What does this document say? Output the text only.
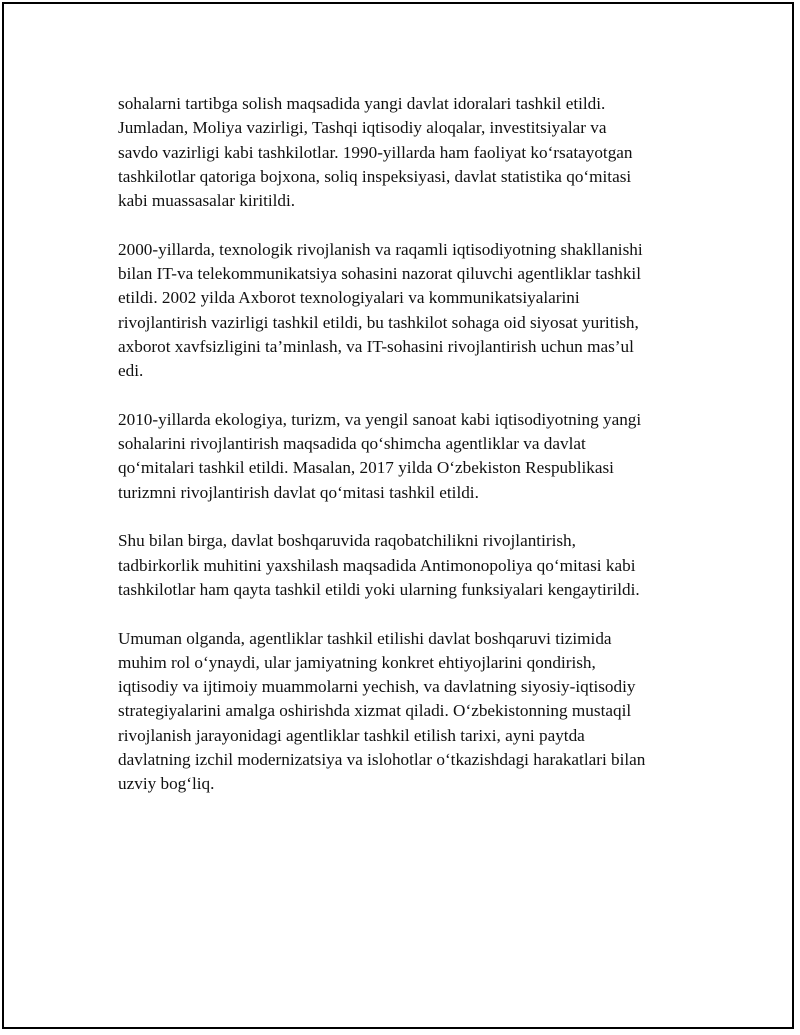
sohalarni tartibga solish maqsadida yangi davlat idoralari tashkil etildi.
Jumladan, Moliya vazirligi, Tashqi iqtisodiy aloqalar, investitsiyalar va
savdo vazirligi kabi tashkilotlar. 1990-yillarda ham faoliyat ko‘rsatayotgan
tashkilotlar qatoriga bojxona, soliq inspeksiyasi, davlat statistika qo‘mitasi
kabi muassasalar kiritildi.

2000-yillarda, texnologik rivojlanish va raqamli iqtisodiyotning shakllanishi
bilan IT-va telekommunikatsiya sohasini nazorat qiluvchi agentliklar tashkil
etildi. 2002 yilda Axborot texnologiyalari va kommunikatsiyalarini
rivojlantirish vazirligi tashkil etildi, bu tashkilot sohaga oid siyosat yuritish,
axborot xavfsizligini ta’minlash, va IT-sohasini rivojlantirish uchun mas’ul
edi.

2010-yillarda ekologiya, turizm, va yengil sanoat kabi iqtisodiyotning yangi
sohalarini rivojlantirish maqsadida qo‘shimcha agentliklar va davlat
qo‘mitalari tashkil etildi. Masalan, 2017 yilda O‘zbekiston Respublikasi
turizmni rivojlantirish davlat qo‘mitasi tashkil etildi.

Shu bilan birga, davlat boshqaruvida raqobatchilikni rivojlantirish,
tadbirkorlik muhitini yaxshilash maqsadida Antimonopoliya qo‘mitasi kabi
tashkilotlar ham qayta tashkil etildi yoki ularning funksiyalari kengaytirildi.

Umuman olganda, agentliklar tashkil etilishi davlat boshqaruvi tizimida
muhim rol o‘ynaydi, ular jamiyatning konkret ehtiyojlarini qondirish,
iqtisodiy va ijtimoiy muammolarni yechish, va davlatning siyosiy-iqtisodiy
strategiyalarini amalga oshirishda xizmat qiladi. O‘zbekistonning mustaqil
rivojlanish jarayonidagi agentliklar tashkil etilish tarixi, ayni paytda
davlatning izchil modernizatsiya va islohotlar o‘tkazishdagi harakatlari bilan
uzviy bog‘liq.
